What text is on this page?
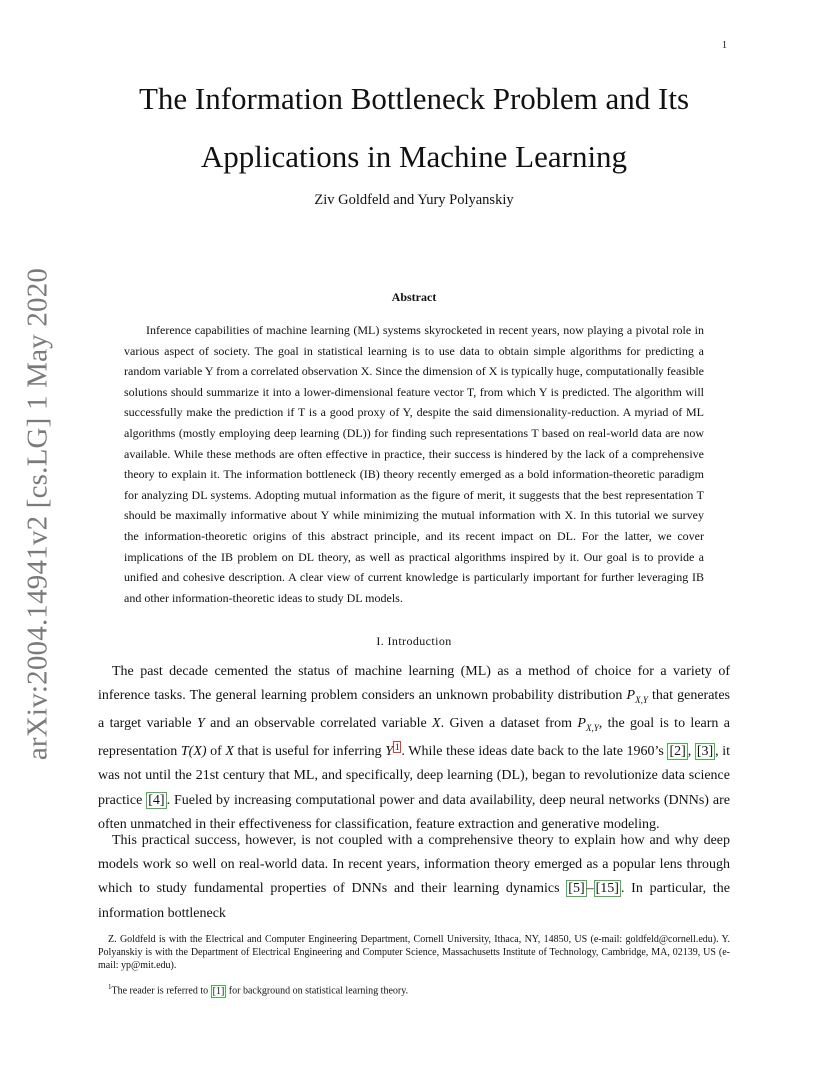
1
The Information Bottleneck Problem and Its
Applications in Machine Learning
Ziv Goldfeld and Yury Polyanskiy
arXiv:2004.14941v2 [cs.LG] 1 May 2020	Abstract
Inference capabilities of machine learning (ML) systems skyrocketed in recent years, now playing a pivotal role in various aspect of society. The goal in statistical learning is to use data to obtain simple algorithms for predicting a random variable Y from a correlated observation X. Since the dimension of X is typically huge, computationally feasible solutions should summarize it into a lower-dimensional feature vector T, from which Y is predicted. The algorithm will successfully make the prediction if T is a good proxy of Y, despite the said dimensionality-reduction. A myriad of ML algorithms (mostly employing deep learning (DL)) for finding such representations T based on real-world data are now available. While these methods are often effective in practice, their success is hindered by the lack of a comprehensive theory to explain it. The information bottleneck (IB) theory recently emerged as a bold information-theoretic paradigm for analyzing DL systems. Adopting mutual information as the figure of merit, it suggests that the best representation T should be maximally informative about Y while minimizing the mutual information with X. In this tutorial we survey the information-theoretic origins of this abstract principle, and its recent impact on DL. For the latter, we cover implications of the IB problem on DL theory, as well as practical algorithms inspired by it. Our goal is to provide a unified and cohesive description. A clear view of current knowledge is particularly important for further leveraging IB and other information-theoretic ideas to study DL models.
I. Introduction
The past decade cemented the status of machine learning (ML) as a method of choice for a variety of inference tasks. The general learning problem considers an unknown probability distribution $P_{X,Y}$ that generates a target variable Y and an observable correlated variable X. Given a dataset from $P_{X,Y}$, the goal is to learn a representation T(X) of X that is useful for inferring Y $^1$ . While these ideas date back to the late 1960’s [2] , [3] , it was not until the 21st century that ML, and specifically, deep learning (DL), began to revolutionize data science practice [4] . Fueled by increasing computational power and data availability, deep neural networks (DNNs) are often unmatched in their effectiveness for classification, feature extraction and generative modeling.
This practical success, however, is not coupled with a comprehensive theory to explain how and why deep models work so well on real-world data. In recent years, information theory emerged as a popular lens through which to study fundamental properties of DNNs and their learning dynamics [5] – [15] . In particular, the information bottleneck

Z. Goldfeld is with the Electrical and Computer Engineering Department, Cornell University, Ithaca, NY, 14850, US (e-mail: goldfeld@cornell.edu). Y. Polyanskiy is with the Department of Electrical Engineering and Computer Science, Massachusetts Institute of Technology, Cambridge, MA, 02139, US (e-mail: yp@mit.edu).

$^1$The reader is referred to [1] for background on statistical learning theory.
